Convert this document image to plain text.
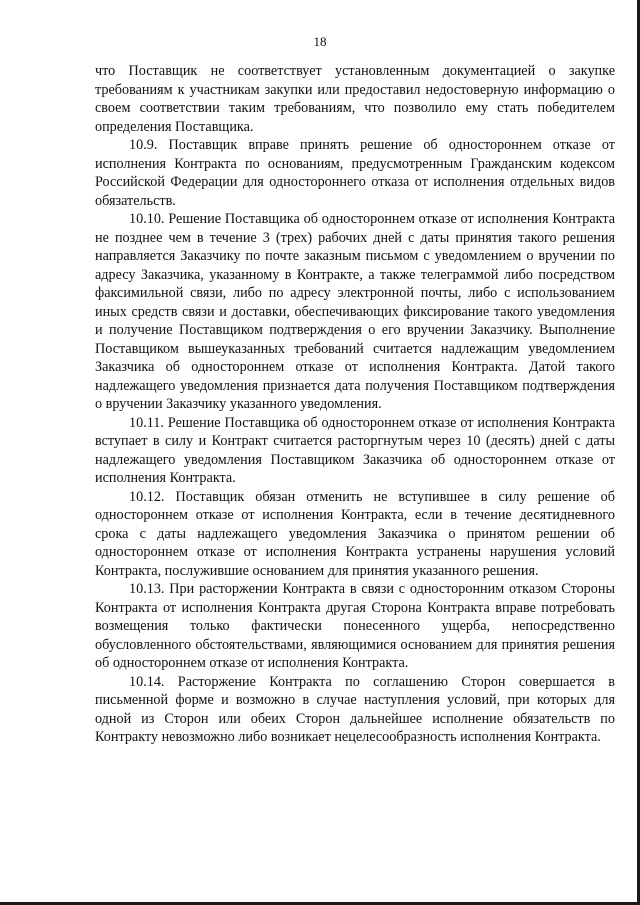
18

что Поставщик не соответствует установленным документацией о закупке требованиям к участникам закупки или предоставил недостоверную информацию о своем соответствии таким требованиям, что позволило ему стать победителем определения Поставщика.

10.9. Поставщик вправе принять решение об одностороннем отказе от исполнения Контракта по основаниям, предусмотренным Гражданским кодексом Российской Федерации для одностороннего отказа от исполнения отдельных видов обязательств.

10.10. Решение Поставщика об одностороннем отказе от исполнения Контракта не позднее чем в течение 3 (трех) рабочих дней с даты принятия такого решения направляется Заказчику по почте заказным письмом с уведомлением о вручении по адресу Заказчика, указанному в Контракте, а также телеграммой либо посредством факсимильной связи, либо по адресу электронной почты, либо с использованием иных средств связи и доставки, обеспечивающих фиксирование такого уведомления и получение Поставщиком подтверждения о его вручении Заказчику. Выполнение Поставщиком вышеуказанных требований считается надлежащим уведомлением Заказчика об одностороннем отказе от исполнения Контракта. Датой такого надлежащего уведомления признается дата получения Поставщиком подтверждения о вручении Заказчику указанного уведомления.

10.11. Решение Поставщика об одностороннем отказе от исполнения Контракта вступает в силу и Контракт считается расторгнутым через 10 (десять) дней с даты надлежащего уведомления Поставщиком Заказчика об одностороннем отказе от исполнения Контракта.

10.12. Поставщик обязан отменить не вступившее в силу решение об одностороннем отказе от исполнения Контракта, если в течение десятидневного срока с даты надлежащего уведомления Заказчика о принятом решении об одностороннем отказе от исполнения Контракта устранены нарушения условий Контракта, послужившие основанием для принятия указанного решения.

10.13. При расторжении Контракта в связи с односторонним отказом Стороны Контракта от исполнения Контракта другая Сторона Контракта вправе потребовать возмещения только фактически понесенного ущерба, непосредственно обусловленного обстоятельствами, являющимися основанием для принятия решения об одностороннем отказе от исполнения Контракта.

10.14. Расторжение Контракта по соглашению Сторон совершается в письменной форме и возможно в случае наступления условий, при которых для одной из Сторон или обеих Сторон дальнейшее исполнение обязательств по Контракту невозможно либо возникает нецелесообразность исполнения Контракта.
